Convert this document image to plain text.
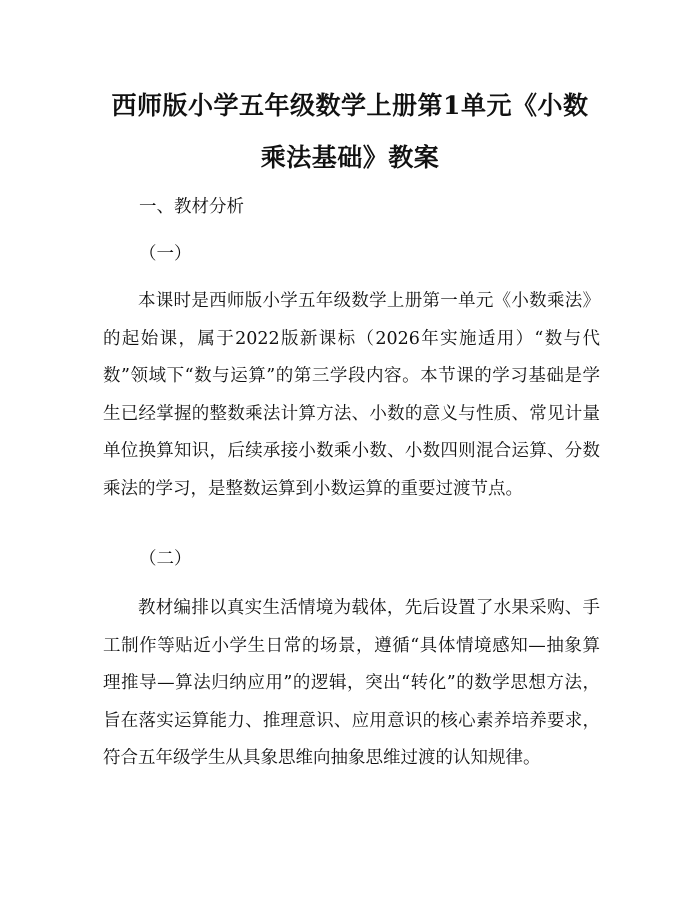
西师版小学五年级数学上册第1单元《小数
乘法基础》教案
一、教材分析
（一）
本课时是西师版小学五年级数学上册第一单元《小数乘法》的起始课，属于2022版新课标（2026年实施适用）“数与代数”领域下“数与运算”的第三学段内容。本节课的学习基础是学生已经掌握的整数乘法计算方法、小数的意义与性质、常见计量单位换算知识，后续承接小数乘小数、小数四则混合运算、分数乘法的学习，是整数运算到小数运算的重要过渡节点。
（二）
教材编排以真实生活情境为载体，先后设置了水果采购、手工制作等贴近小学生日常的场景，遵循“具体情境感知—抽象算理推导—算法归纳应用”的逻辑，突出“转化”的数学思想方法，旨在落实运算能力、推理意识、应用意识的核心素养培养要求，符合五年级学生从具象思维向抽象思维过渡的认知规律。
